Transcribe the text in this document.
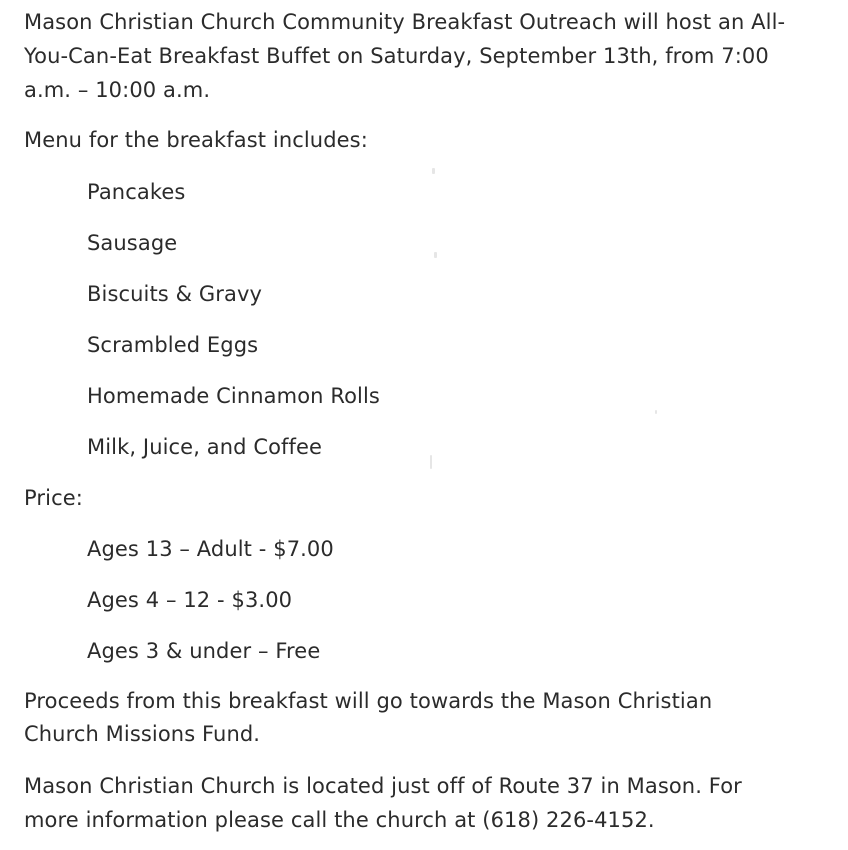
Mason Christian Church Community Breakfast Outreach will host an All-
You-Can-Eat Breakfast Buffet on Saturday, September 13th, from 7:00
a.m. – 10:00 a.m.
Menu for the breakfast includes:
Pancakes
Sausage
Biscuits & Gravy
Scrambled Eggs
Homemade Cinnamon Rolls
Milk, Juice, and Coffee
Price:
Ages 13 – Adult - $7.00
Ages 4 – 12 - $3.00
Ages 3 & under – Free
Proceeds from this breakfast will go towards the Mason Christian
Church Missions Fund.
Mason Christian Church is located just off of Route 37 in Mason. For
more information please call the church at (618) 226-4152.
